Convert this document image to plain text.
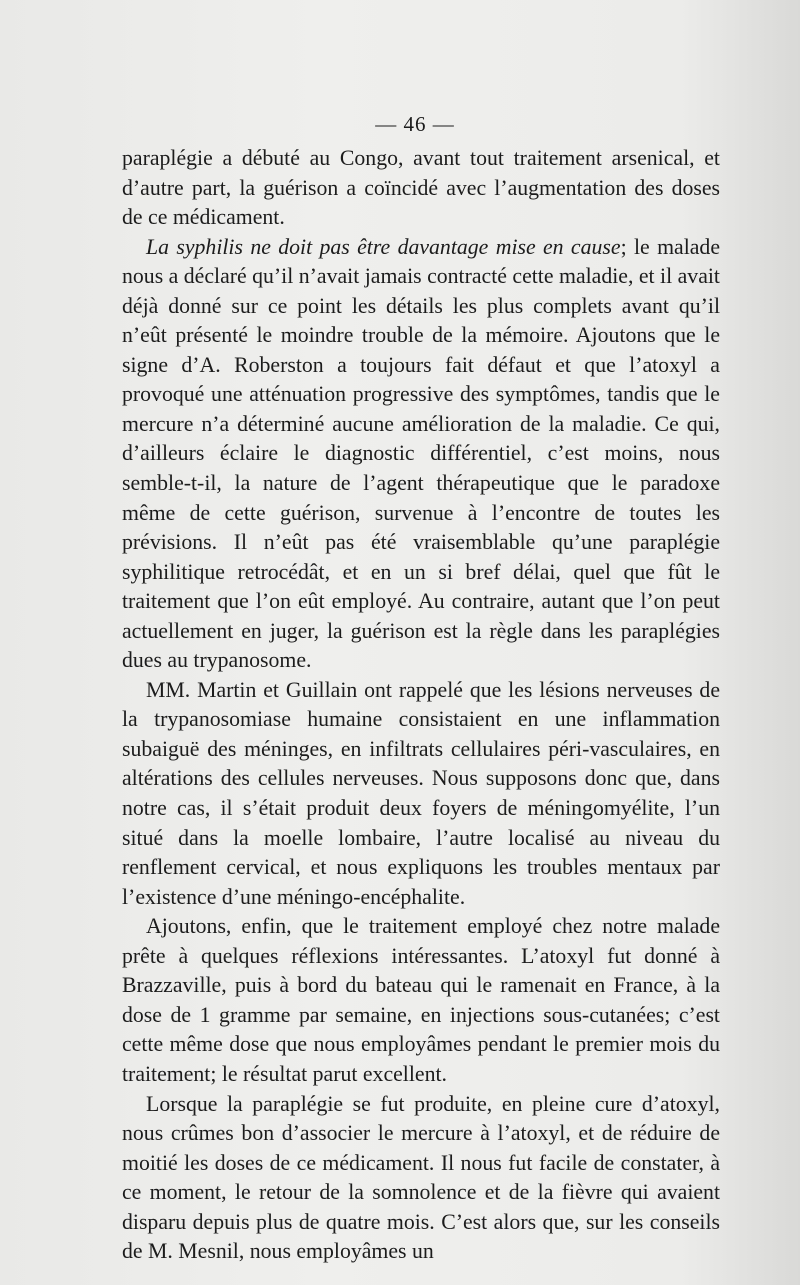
— 46 —

paraplégie a débuté au Congo, avant tout traitement arsenical, et d’autre part, la guérison a coïncidé avec l’augmentation des doses de ce médicament.

La syphilis ne doit pas être davantage mise en cause; le malade nous a déclaré qu’il n’avait jamais contracté cette maladie, et il avait déjà donné sur ce point les détails les plus complets avant qu’il n’eût présenté le moindre trouble de la mémoire. Ajoutons que le signe d’A. Roberston a toujours fait défaut et que l’atoxyl a provoqué une atténuation progressive des symptômes, tandis que le mercure n’a déterminé aucune amélioration de la maladie. Ce qui, d’ailleurs éclaire le diagnostic différentiel, c’est moins, nous semble-t-il, la nature de l’agent thérapeutique que le paradoxe même de cette guérison, survenue à l’encontre de toutes les prévisions. Il n’eût pas été vraisemblable qu’une paraplégie syphilitique retrocédât, et en un si bref délai, quel que fût le traitement que l’on eût employé. Au contraire, autant que l’on peut actuellement en juger, la guérison est la règle dans les paraplégies dues au trypanosome.

MM. Martin et Guillain ont rappelé que les lésions nerveuses de la trypanosomiase humaine consistaient en une inflammation subaiguë des méninges, en infiltrats cellulaires péri-vasculaires, en altérations des cellules nerveuses. Nous supposons donc que, dans notre cas, il s’était produit deux foyers de méningomyélite, l’un situé dans la moelle lombaire, l’autre localisé au niveau du renflement cervical, et nous expliquons les troubles mentaux par l’existence d’une méningo-encéphalite.

Ajoutons, enfin, que le traitement employé chez notre malade prête à quelques réflexions intéressantes. L’atoxyl fut donné à Brazzaville, puis à bord du bateau qui le ramenait en France, à la dose de 1 gramme par semaine, en injections sous-cutanées; c’est cette même dose que nous employâmes pendant le premier mois du traitement; le résultat parut excellent.

Lorsque la paraplégie se fut produite, en pleine cure d’atoxyl, nous crûmes bon d’associer le mercure à l’atoxyl, et de réduire de moitié les doses de ce médicament. Il nous fut facile de constater, à ce moment, le retour de la somnolence et de la fièvre qui avaient disparu depuis plus de quatre mois. C’est alors que, sur les conseils de M. Mesnil, nous employâmes un
